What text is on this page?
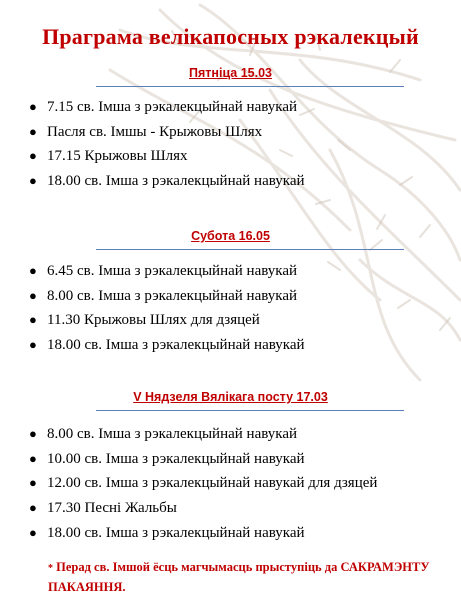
Праграма велікапосных рэкалекцый
Пятніца 15.03
● 7.15 св. Імша з рэкалекцыйнай навукай
● Пасля св. Імшы - Крыжовы Шлях
● 17.15 Крыжовы Шлях
● 18.00 св. Імша з рэкалекцыйнай навукай
Субота 16.05
● 6.45 св. Імша з рэкалекцыйнай навукай
● 8.00 св. Імша з рэкалекцыйнай навукай
● 11.30 Крыжовы Шлях для дзяцей
● 18.00 св. Імша з рэкалекцыйнай навукай
V Нядзеля Вялікага посту 17.03
● 8.00 св. Імша з рэкалекцыйнай навукай
● 10.00 св. Імша з рэкалекцыйнай навукай
● 12.00 св. Імша з рэкалекцыйнай навукай для дзяцей
● 17.30 Песні Жальбы
● 18.00 св. Імша з рэкалекцыйнай навукай
* Перад св. Імшой ёсць магчымасць прыступіць да САКРАМЭНТУ ПАКАЯННЯ.
